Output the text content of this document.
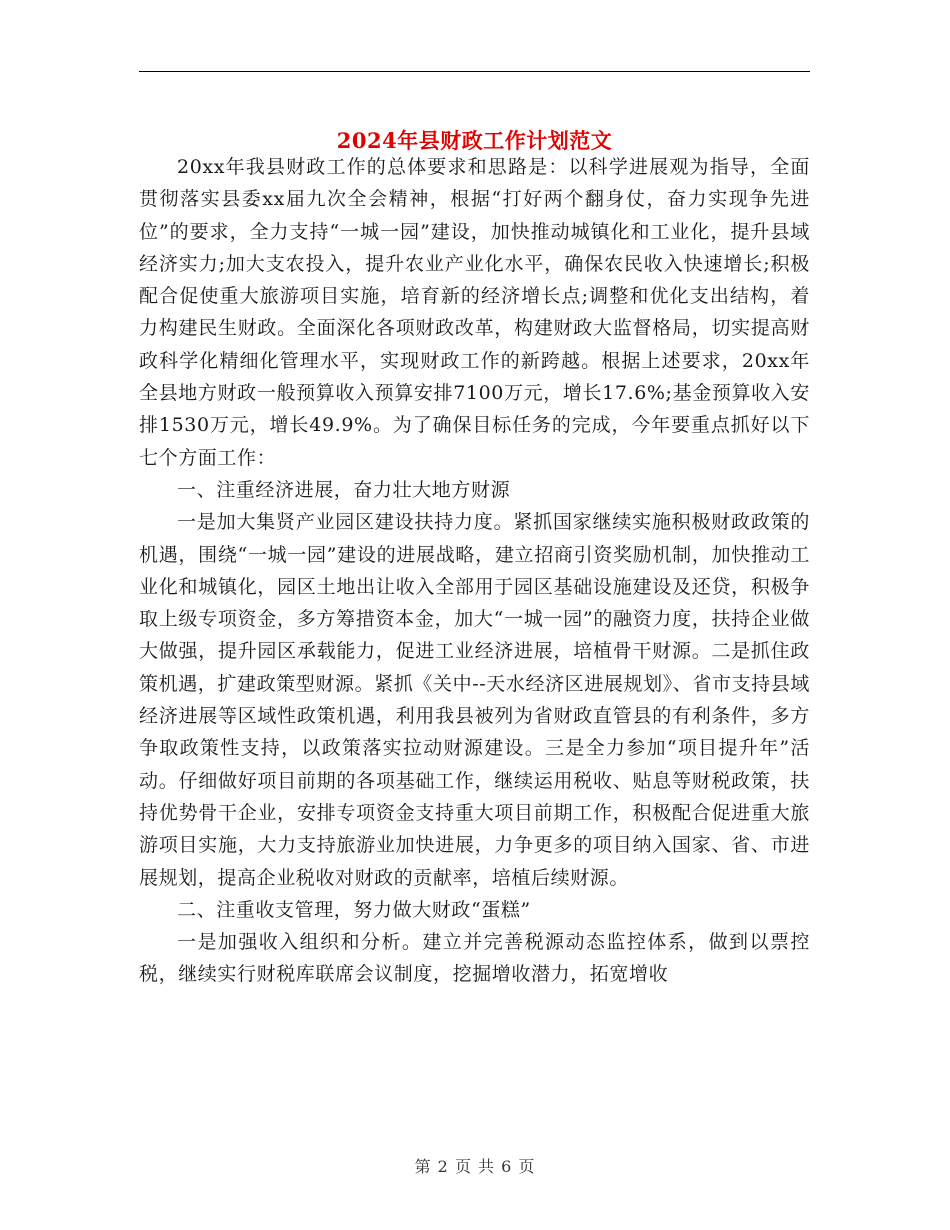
2024年县财政工作计划范文

20xx年我县财政工作的总体要求和思路是：以科学进展观为指导，全面贯彻落实县委xx届九次全会精神，根据“打好两个翻身仗，奋力实现争先进位”的要求，全力支持“一城一园”建设，加快推动城镇化和工业化，提升县域经济实力;加大支农投入，提升农业产业化水平，确保农民收入快速增长;积极配合促使重大旅游项目实施，培育新的经济增长点;调整和优化支出结构，着力构建民生财政。全面深化各项财政改革，构建财政大监督格局，切实提高财政科学化精细化管理水平，实现财政工作的新跨越。根据上述要求，20xx年全县地方财政一般预算收入预算安排7100万元，增长17.6%;基金预算收入安排1530万元，增长49.9%。为了确保目标任务的完成，今年要重点抓好以下七个方面工作：

一、注重经济进展，奋力壮大地方财源

一是加大集贤产业园区建设扶持力度。紧抓国家继续实施积极财政政策的机遇，围绕“一城一园”建设的进展战略，建立招商引资奖励机制，加快推动工业化和城镇化，园区土地出让收入全部用于园区基础设施建设及还贷，积极争取上级专项资金，多方筹措资本金，加大“一城一园”的融资力度，扶持企业做大做强，提升园区承载能力，促进工业经济进展，培植骨干财源。二是抓住政策机遇，扩建政策型财源。紧抓《关中--天水经济区进展规划》、省市支持县域经济进展等区域性政策机遇，利用我县被列为省财政直管县的有利条件，多方争取政策性支持，以政策落实拉动财源建设。三是全力参加“项目提升年”活动。仔细做好项目前期的各项基础工作，继续运用税收、贴息等财税政策，扶持优势骨干企业，安排专项资金支持重大项目前期工作，积极配合促进重大旅游项目实施，大力支持旅游业加快进展，力争更多的项目纳入国家、省、市进展规划，提高企业税收对财政的贡献率，培植后续财源。

二、注重收支管理，努力做大财政“蛋糕”

一是加强收入组织和分析。建立并完善税源动态监控体系，做到以票控税，继续实行财税库联席会议制度，挖掘增收潜力，拓宽增收

第 2 页 共 6 页
